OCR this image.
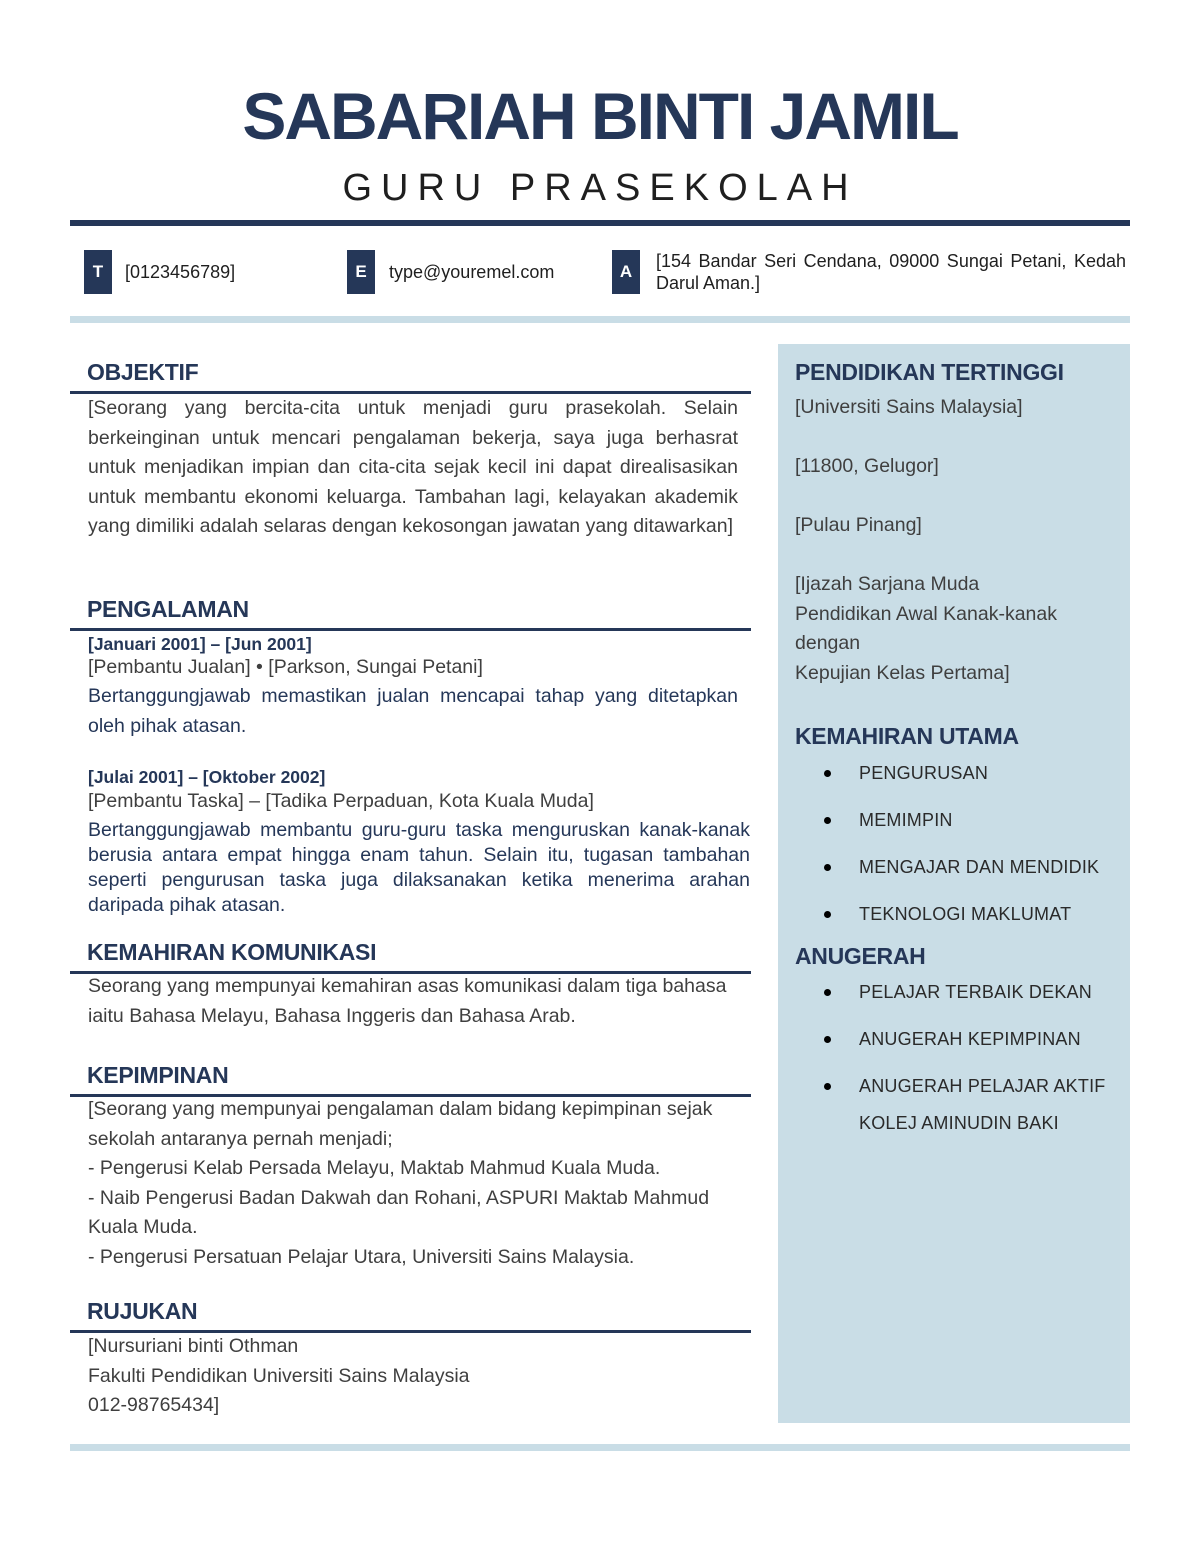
SABARIAH BINTI JAMIL
GURU PRASEKOLAH
T	[0123456789]	E	type@youremel.com	A
[154 Bandar Seri Cendana, 09000 Sungai Petani, Kedah Darul Aman.]
OBJEKTIF

[Seorang yang bercita-cita untuk menjadi guru prasekolah. Selain berkeinginan untuk mencari pengalaman bekerja, saya juga berhasrat untuk menjadikan impian dan cita-cita sejak kecil ini dapat direalisasikan untuk membantu ekonomi keluarga. Tambahan lagi, kelayakan akademik yang dimiliki adalah selaras dengan kekosongan jawatan yang ditawarkan]

PENGALAMAN
[Januari 2001] – [Jun 2001]
[Pembantu Jualan] • [Parkson, Sungai Petani]

Bertanggungjawab memastikan jualan mencapai tahap yang ditetapkan oleh pihak atasan.

[Julai 2001] – [Oktober 2002]
[Pembantu Taska] – [Tadika Perpaduan, Kota Kuala Muda]

Bertanggungjawab membantu guru-guru taska menguruskan kanak-kanak berusia antara empat hingga enam tahun. Selain itu, tugasan tambahan seperti pengurusan taska juga dilaksanakan ketika menerima arahan daripada pihak atasan.

KEMAHIRAN KOMUNIKASI

Seorang yang mempunyai kemahiran asas komunikasi dalam tiga bahasa iaitu Bahasa Melayu, Bahasa Inggeris dan Bahasa Arab.

KEPIMPINAN
[Seorang yang mempunyai pengalaman dalam bidang kepimpinan sejak sekolah antaranya pernah menjadi;
- Pengerusi Kelab Persada Melayu, Maktab Mahmud Kuala Muda.
- Naib Pengerusi Badan Dakwah dan Rohani, ASPURI Maktab Mahmud Kuala Muda.
- Pengerusi Persatuan Pelajar Utara, Universiti Sains Malaysia.
RUJUKAN
[Nursuriani binti Othman
Fakulti Pendidikan Universiti Sains Malaysia
012-98765434]
PENDIDIKAN TERTINGGI
[Universiti Sains Malaysia]
[11800, Gelugor]
[Pulau Pinang]
[Ijazah Sarjana Muda
Pendidikan Awal Kanak-kanak
dengan
Kepujian Kelas Pertama]
KEMAHIRAN UTAMA
PENGURUSAN
MEMIMPIN
MENGAJAR DAN MENDIDIK
TEKNOLOGI MAKLUMAT
ANUGERAH
PELAJAR TERBAIK DEKAN
ANUGERAH KEPIMPINAN
ANUGERAH PELAJAR AKTIF KOLEJ AMINUDIN BAKI
